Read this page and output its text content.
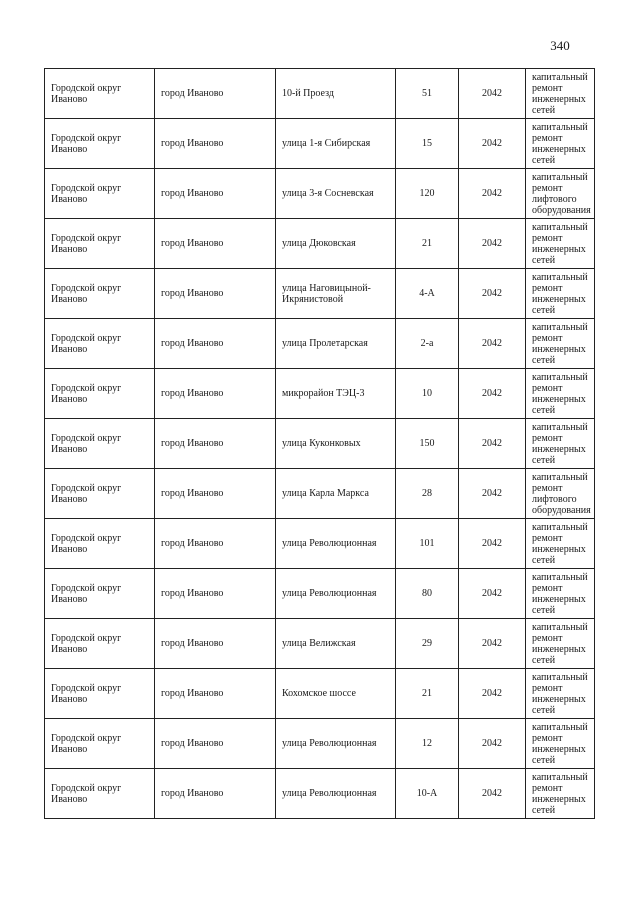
340
Городской округ Иваново	город Иваново	10-й Проезд	51	2042	капитальный ремонт инженерных сетей
Городской округ Иваново	город Иваново	улица 1-я Сибирская	15	2042	капитальный ремонт инженерных сетей
Городской округ Иваново	город Иваново	улица 3-я Сосневская	120	2042	капитальный ремонт лифтового оборудования
Городской округ Иваново	город Иваново	улица Дюковская	21	2042	капитальный ремонт инженерных сетей
Городской округ Иваново	город Иваново	улица Наговицыной-Икрянистовой	4-А	2042	капитальный ремонт инженерных сетей
Городской округ Иваново	город Иваново	улица Пролетарская	2-а	2042	капитальный ремонт инженерных сетей
Городской округ Иваново	город Иваново	микрорайон ТЭЦ-3	10	2042	капитальный ремонт инженерных сетей
Городской округ Иваново	город Иваново	улица Куконковых	150	2042	капитальный ремонт инженерных сетей
Городской округ Иваново	город Иваново	улица Карла Маркса	28	2042	капитальный ремонт лифтового оборудования
Городской округ Иваново	город Иваново	улица Революционная	101	2042	капитальный ремонт инженерных сетей
Городской округ Иваново	город Иваново	улица Революционная	80	2042	капитальный ремонт инженерных сетей
Городской округ Иваново	город Иваново	улица Велижская	29	2042	капитальный ремонт инженерных сетей
Городской округ Иваново	город Иваново	Кохомское шоссе	21	2042	капитальный ремонт инженерных сетей
Городской округ Иваново	город Иваново	улица Революционная	12	2042	капитальный ремонт инженерных сетей
Городской округ Иваново	город Иваново	улица Революционная	10-А	2042	капитальный ремонт инженерных сетей
